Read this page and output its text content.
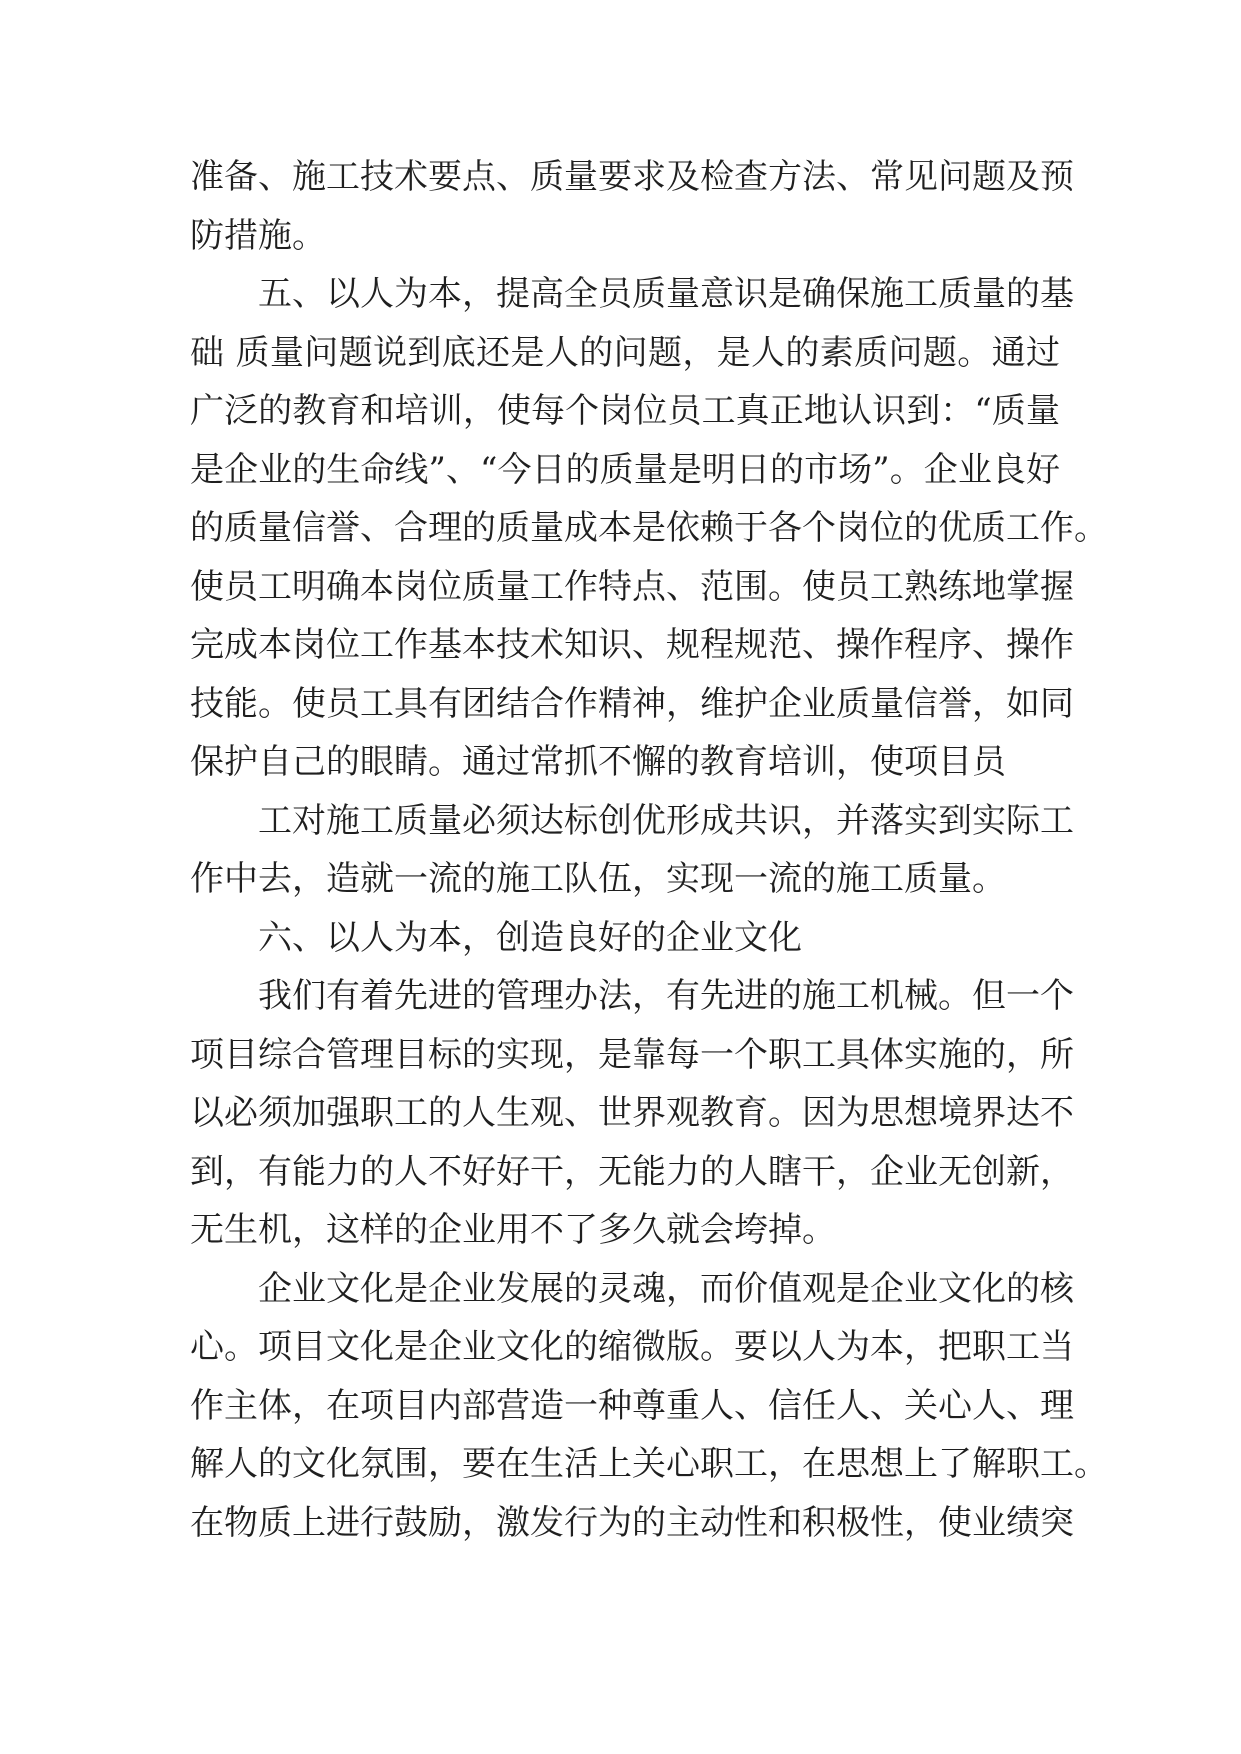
准备、施工技术要点、质量要求及检查方法、常见问题及预
防措施。
五、以人为本，提高全员质量意识是确保施工质量的基
础 质量问题说到底还是人的问题，是人的素质问题。通过
广泛的教育和培训，使每个岗位员工真正地认识到：“质量
是企业的生命线”、“今日的质量是明日的市场”。企业良好
的质量信誉、合理的质量成本是依赖于各个岗位的优质工作。
使员工明确本岗位质量工作特点、范围。使员工熟练地掌握
完成本岗位工作基本技术知识、规程规范、操作程序、操作
技能。使员工具有团结合作精神，维护企业质量信誉，如同
保护自己的眼睛。通过常抓不懈的教育培训，使项目员
工对施工质量必须达标创优形成共识，并落实到实际工
作中去，造就一流的施工队伍，实现一流的施工质量。
六、以人为本，创造良好的企业文化
我们有着先进的管理办法，有先进的施工机械。但一个
项目综合管理目标的实现，是靠每一个职工具体实施的，所
以必须加强职工的人生观、世界观教育。因为思想境界达不
到，有能力的人不好好干，无能力的人瞎干，企业无创新，
无生机，这样的企业用不了多久就会垮掉。
企业文化是企业发展的灵魂，而价值观是企业文化的核
心。项目文化是企业文化的缩微版。要以人为本，把职工当
作主体，在项目内部营造一种尊重人、信任人、关心人、理
解人的文化氛围，要在生活上关心职工，在思想上了解职工。
在物质上进行鼓励，激发行为的主动性和积极性，使业绩突
